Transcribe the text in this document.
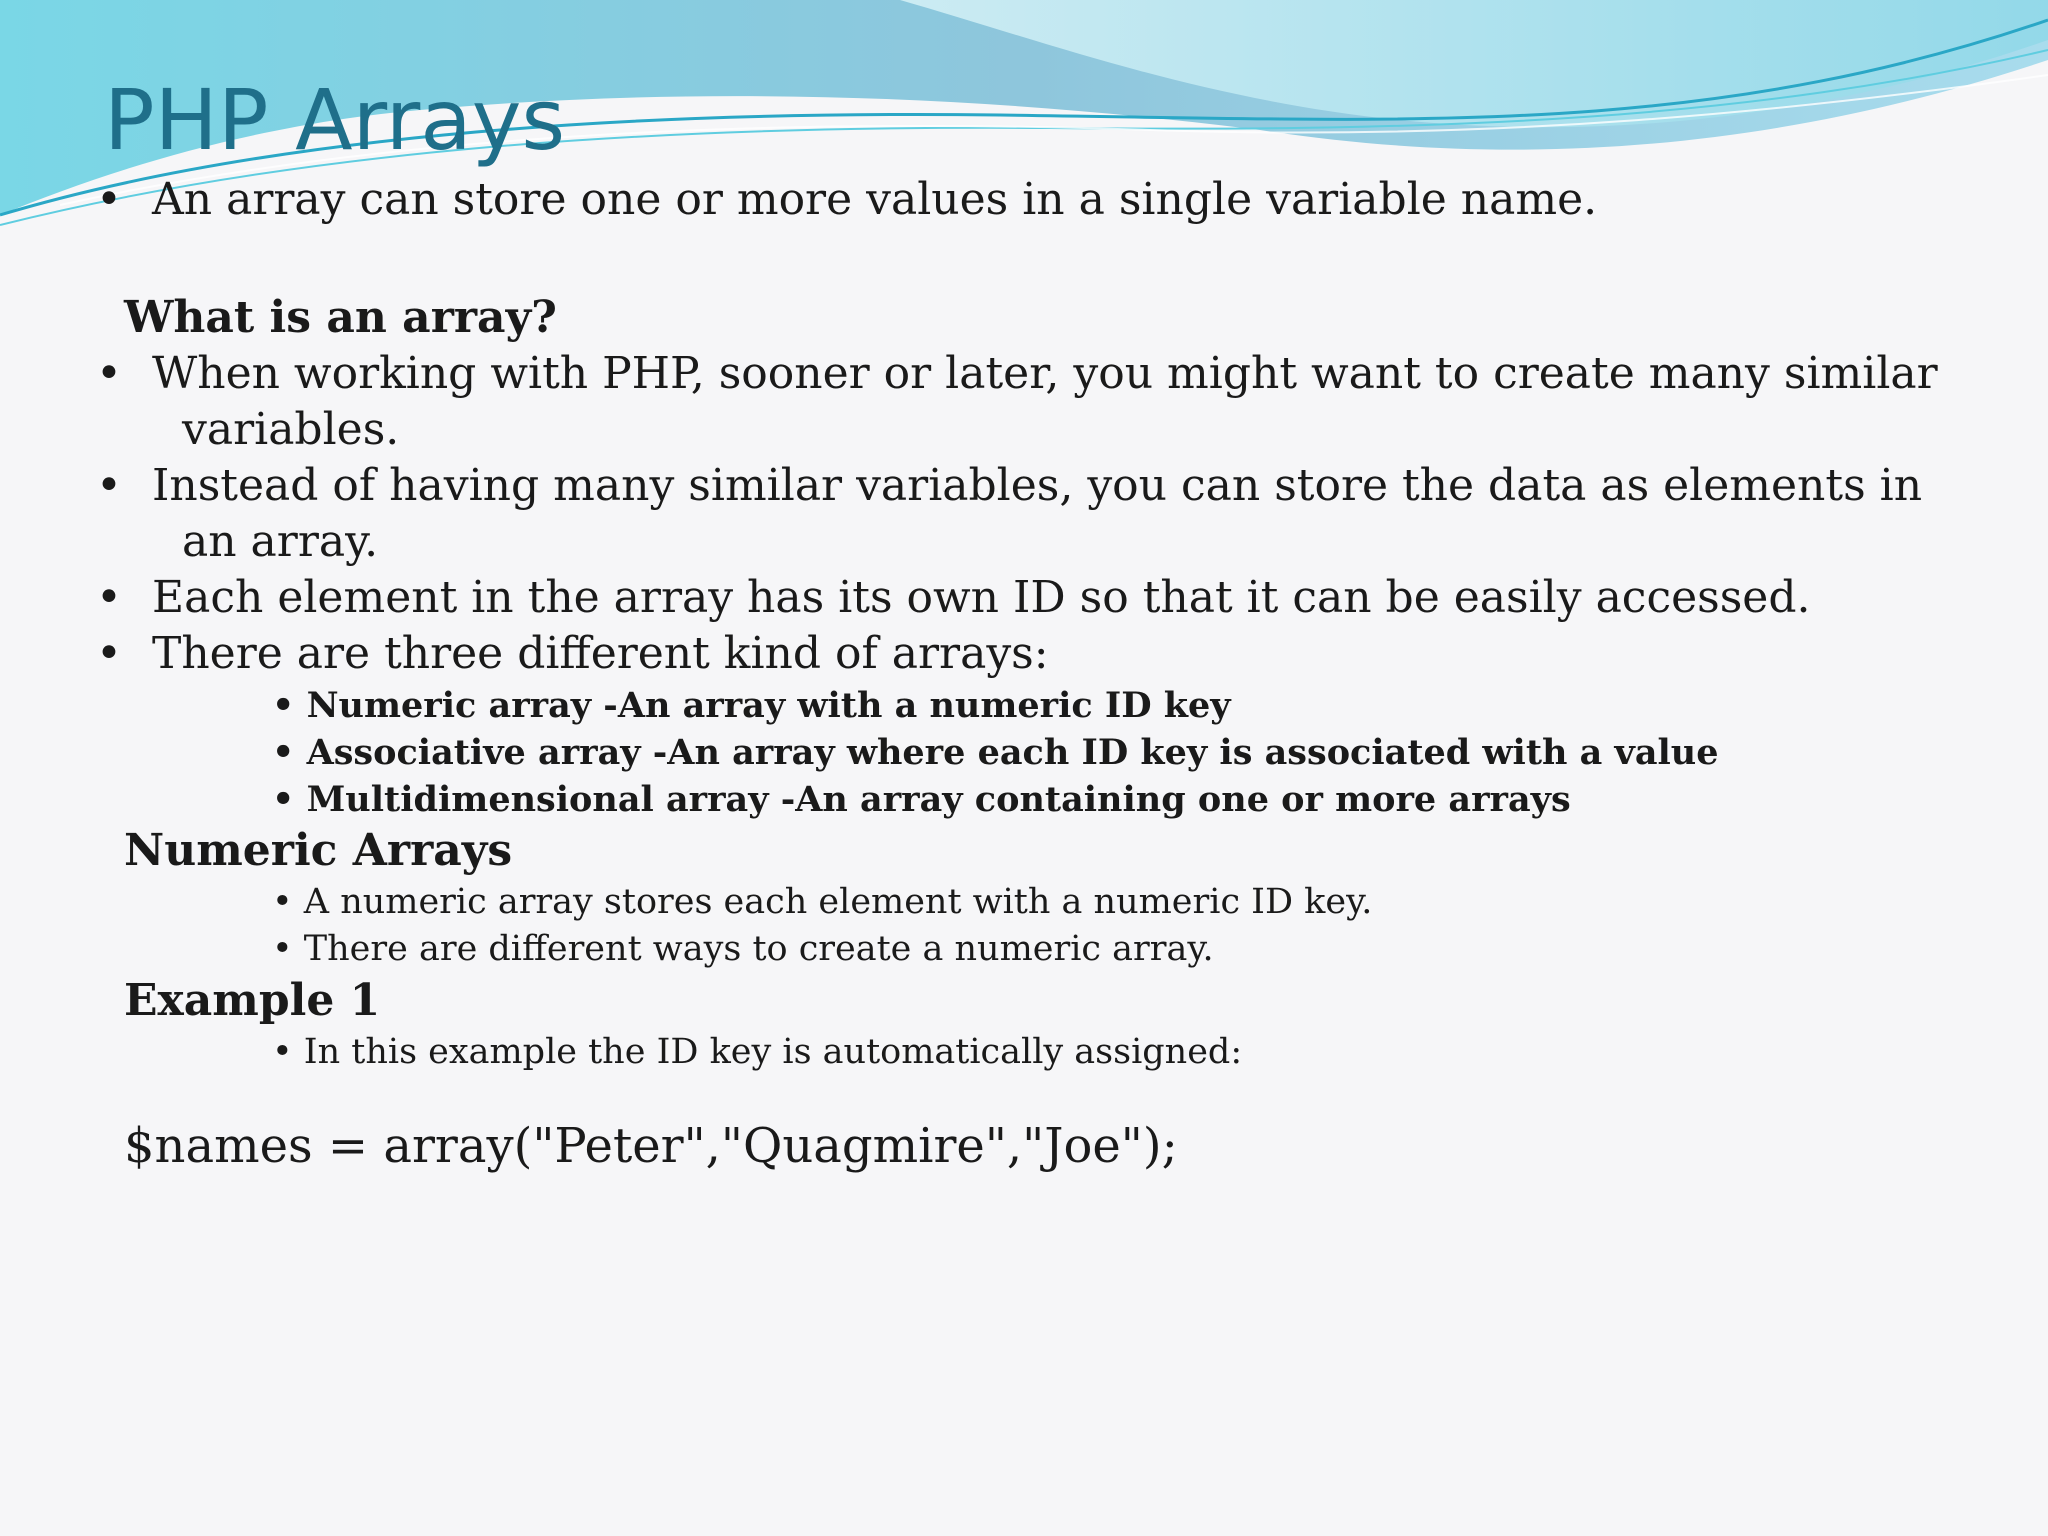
PHP Arrays

• An array can store one or more values in a single variable name.

What is an array?

• When working with PHP, sooner or later, you might want to create many similar
variables.

• Instead of having many similar variables, you can store the data as elements in
an array.

• Each element in the array has its own ID so that it can be easily accessed.

• There are three different kind of arrays:

• Numeric array -An array with a numeric ID key

• Associative array -An array where each ID key is associated with a value

• Multidimensional array -An array containing one or more arrays

Numeric Arrays

• A numeric array stores each element with a numeric ID key.

• There are different ways to create a numeric array.

Example 1

• In this example the ID key is automatically assigned:

$names = array("Peter","Quagmire","Joe");
